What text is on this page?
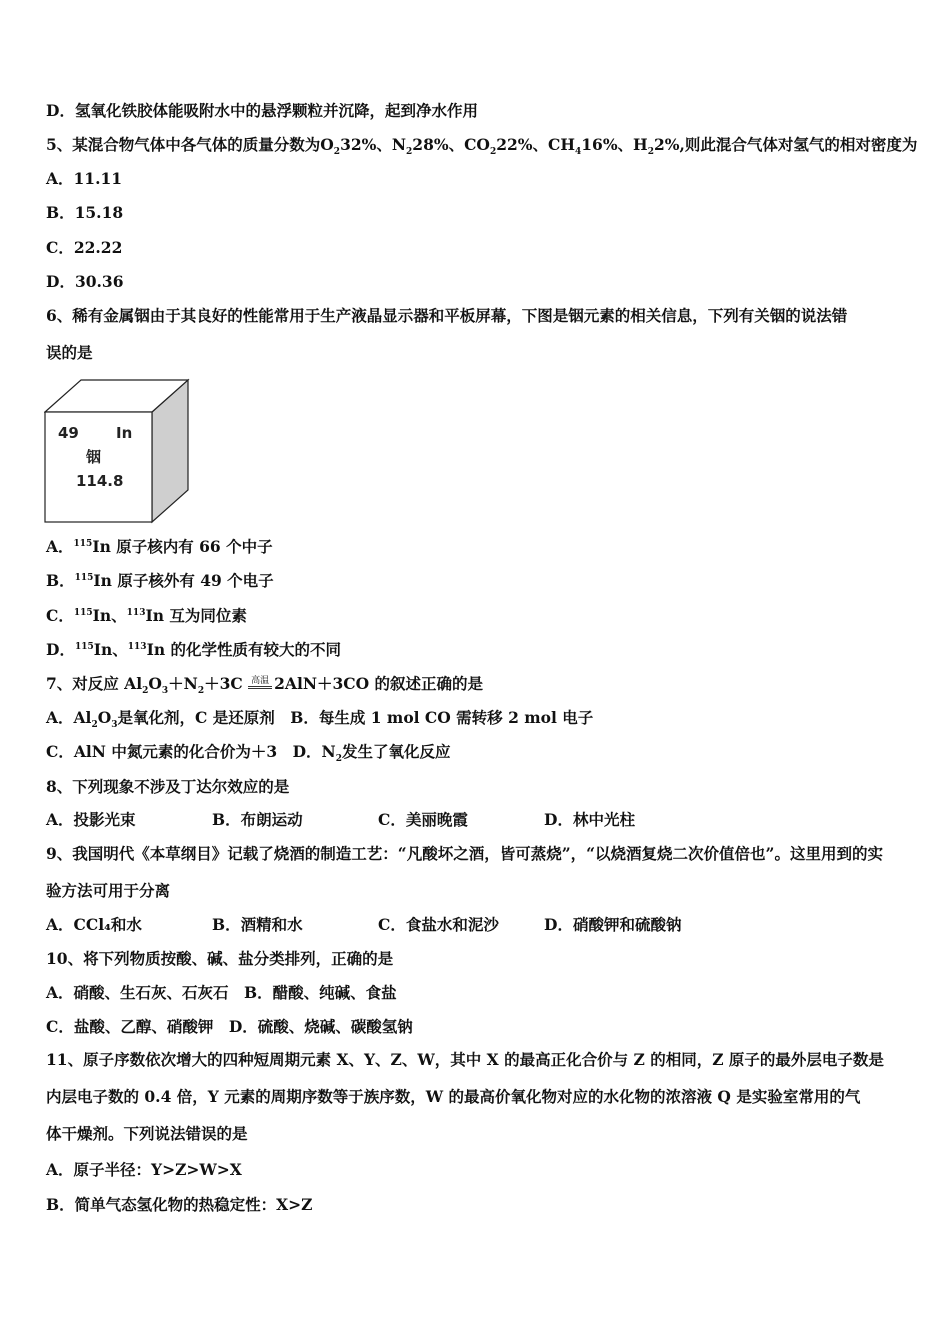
49 In
铟
114.8
D．氢氧化铁胶体能吸附水中的悬浮颗粒并沉降，起到净水作用
5、某混合物气体中各气体的质量分数为$O_232\%$、$N_228\%$、$CO_222\%$、$CH_416\%$、$H_22\%$,则此混合气体对氢气的相对密度为
A．11.11
B．15.18
C．22.22
D．30.36
6、稀有金属铟由于其良好的性能常用于生产液晶显示器和平板屏幕，下图是铟元素的相关信息，下列有关铟的说法错
误的是
A．$^{115}$In 原子核内有 66 个中子
B．$^{115}$In 原子核外有 49 个电子
C．$^{115}$In、$^{113}$In 互为同位素
D．$^{115}$In、$^{113}$In 的化学性质有较大的不同
7、对反应 $Al_2O_3+N_2+3C$ 高温 2AlN＋3CO 的叙述正确的是
A．$Al_2O_3$是氧化剂，C 是还原剂　B．每生成 1 mol CO 需转移 2 mol 电子
C．AlN 中氮元素的化合价为＋3　D．$N_2$发生了氧化反应
8、下列现象不涉及丁达尔效应的是
A．投影光束	B．布朗运动	C．美丽晚霞	D．林中光柱
9、我国明代《本草纲目》记载了烧酒的制造工艺：“凡酸坏之酒，皆可蒸烧”，“以烧酒复烧二次价值倍也”。这里用到的实
验方法可用于分离
A．CCl₄和水	B．酒精和水	C．食盐水和泥沙	D．硝酸钾和硫酸钠
10、将下列物质按酸、碱、盐分类排列，正确的是
A．硝酸、生石灰、石灰石　B．醋酸、纯碱、食盐
C．盐酸、乙醇、硝酸钾　D．硫酸、烧碱、碳酸氢钠
11、原子序数依次增大的四种短周期元素 X、Y、Z、W，其中 X 的最高正化合价与 Z 的相同，Z 原子的最外层电子数是
内层电子数的 0.4 倍，Y 元素的周期序数等于族序数，W 的最高价氧化物对应的水化物的浓溶液 Q 是实验室常用的气
体干燥剂。下列说法错误的是
A．原子半径：Y>Z>W>X
B．简单气态氢化物的热稳定性：X>Z
